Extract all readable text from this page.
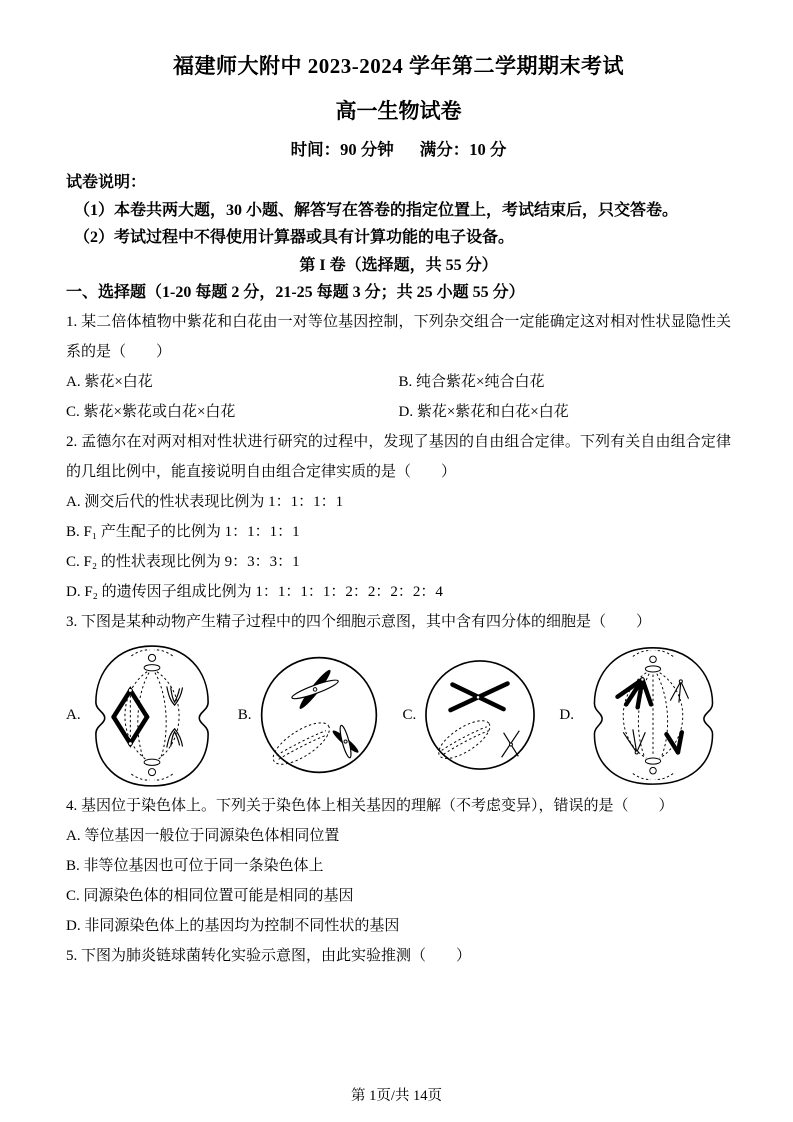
福建师大附中 2023-2024 学年第二学期期末考试
高一生物试卷
时间：90 分钟 满分：10 分
试卷说明：
（1）本卷共两大题，30 小题、解答写在答卷的指定位置上，考试结束后，只交答卷。
（2）考试过程中不得使用计算器或具有计算功能的电子设备。
第 I 卷（选择题，共 55 分）
一、选择题（1-20 每题 2 分，21-25 每题 3 分；共 25 小题 55 分）
1. 某二倍体植物中紫花和白花由一对等位基因控制，下列杂交组合一定能确定这对相对性状显隐性关系的是（　　）
A. 紫花×白花	B. 纯合紫花×纯合白花
C. 紫花×紫花或白花×白花	D. 紫花×紫花和白花×白花
2. 孟德尔在对两对相对性状进行研究的过程中，发现了基因的自由组合定律。下列有关自由组合定律的几组比例中，能直接说明自由组合定律实质的是（　　）
A. 测交后代的性状表现比例为 1：1：1：1
B. F₁ 产生配子的比例为 1：1：1：1
C. F₂ 的性状表现比例为 9：3：3：1
D. F₂ 的遗传因子组成比例为 1：1：1：1：2：2：2：2：4
3. 下图是某种动物产生精子过程中的四个细胞示意图，其中含有四分体的细胞是（　　）
A.	B.	C.	D.
4. 基因位于染色体上。下列关于染色体上相关基因的理解（不考虑变异），错误的是（　　）
A. 等位基因一般位于同源染色体相同位置
B. 非等位基因也可位于同一条染色体上
C. 同源染色体的相同位置可能是相同的基因
D. 非同源染色体上的基因均为控制不同性状的基因
5. 下图为肺炎链球菌转化实验示意图，由此实验推测（　　）
第 1页/共 14页
